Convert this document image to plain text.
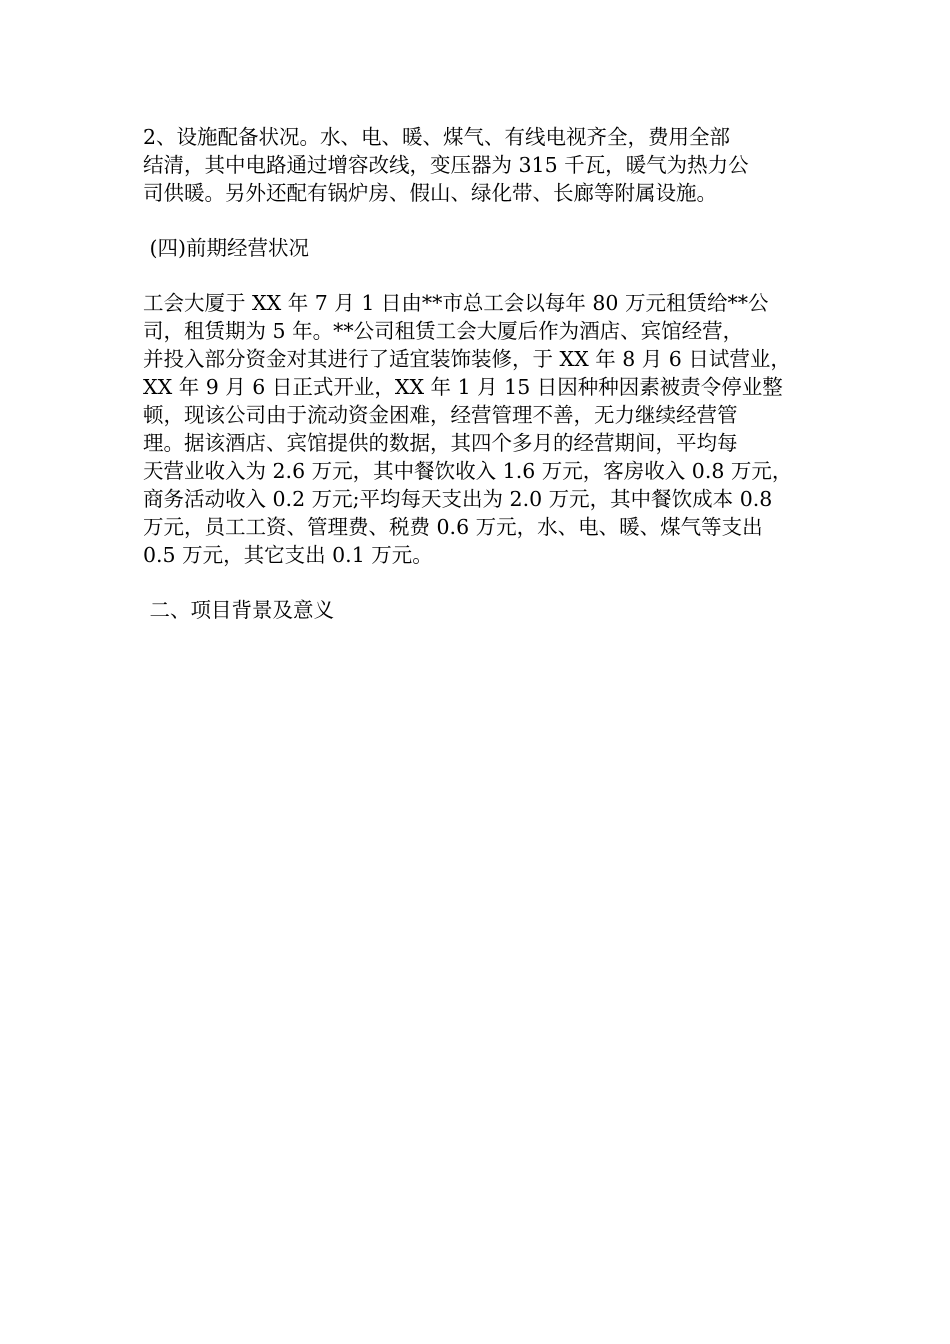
2、设施配备状况。水、电、暖、煤气、有线电视齐全，费用全部
结清，其中电路通过增容改线，变压器为 315 千瓦，暖气为热力公
司供暖。另外还配有锅炉房、假山、绿化带、长廊等附属设施。
(四)前期经营状况
工会大厦于 XX 年 7 月 1 日由**市总工会以每年 80 万元租赁给**公
司，租赁期为 5 年。**公司租赁工会大厦后作为酒店、宾馆经营，
并投入部分资金对其进行了适宜装饰装修，于 XX 年 8 月 6 日试营业，
XX 年 9 月 6 日正式开业，XX 年 1 月 15 日因种种因素被责令停业整
顿，现该公司由于流动资金困难，经营管理不善，无力继续经营管
理。据该酒店、宾馆提供的数据，其四个多月的经营期间，平均每
天营业收入为 2.6 万元，其中餐饮收入 1.6 万元，客房收入 0.8 万元，
商务活动收入 0.2 万元;平均每天支出为 2.0 万元，其中餐饮成本 0.8
万元，员工工资、管理费、税费 0.6 万元，水、电、暖、煤气等支出
0.5 万元，其它支出 0.1 万元。
二、项目背景及意义
